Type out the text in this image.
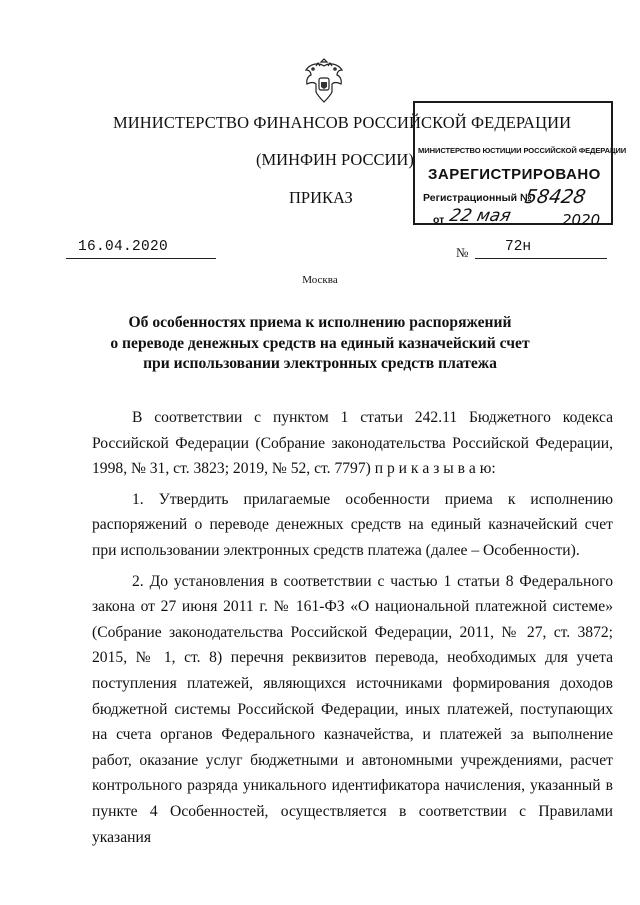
МИНИСТЕРСТВО ФИНАНСОВ РОССИЙСКОЙ ФЕДЕРАЦИИ
(МИНФИН РОССИИ)
ПРИКАЗ
МИНИСТЕРСТВО ЮСТИЦИИ РОССИЙСКОЙ ФЕДЕРАЦИИ
ЗАРЕГИСТРИРОВАНО
Регистрационный №
58428
от 22 мая	2020
16.04.2020	№	72н
Москва
Об особенностях приема к исполнению распоряжений
о переводе денежных средств на единый казначейский счет
при использовании электронных средств платежа

В соответствии с пунктом 1 статьи 242.11 Бюджетного кодекса Российской Федерации (Собрание законодательства Российской Федерации, 1998, № 31, ст. 3823; 2019, № 52, ст. 7797) п р и к а з ы в а ю:

1. Утвердить прилагаемые особенности приема к исполнению распоряжений о переводе денежных средств на единый казначейский счет при использовании электронных средств платежа (далее – Особенности).

2. До установления в соответствии с частью 1 статьи 8 Федерального закона от 27 июня 2011 г. № 161-ФЗ «О национальной платежной системе» (Собрание законодательства Российской Федерации, 2011, № 27, ст. 3872; 2015, № 1, ст. 8) перечня реквизитов перевода, необходимых для учета поступления платежей, являющихся источниками формирования доходов бюджетной системы Российской Федерации, иных платежей, поступающих на счета органов Федерального казначейства, и платежей за выполнение работ, оказание услуг бюджетными и автономными учреждениями, расчет контрольного разряда уникального идентификатора начисления, указанный в пункте 4 Особенностей, осуществляется в соответствии с Правилами указания
